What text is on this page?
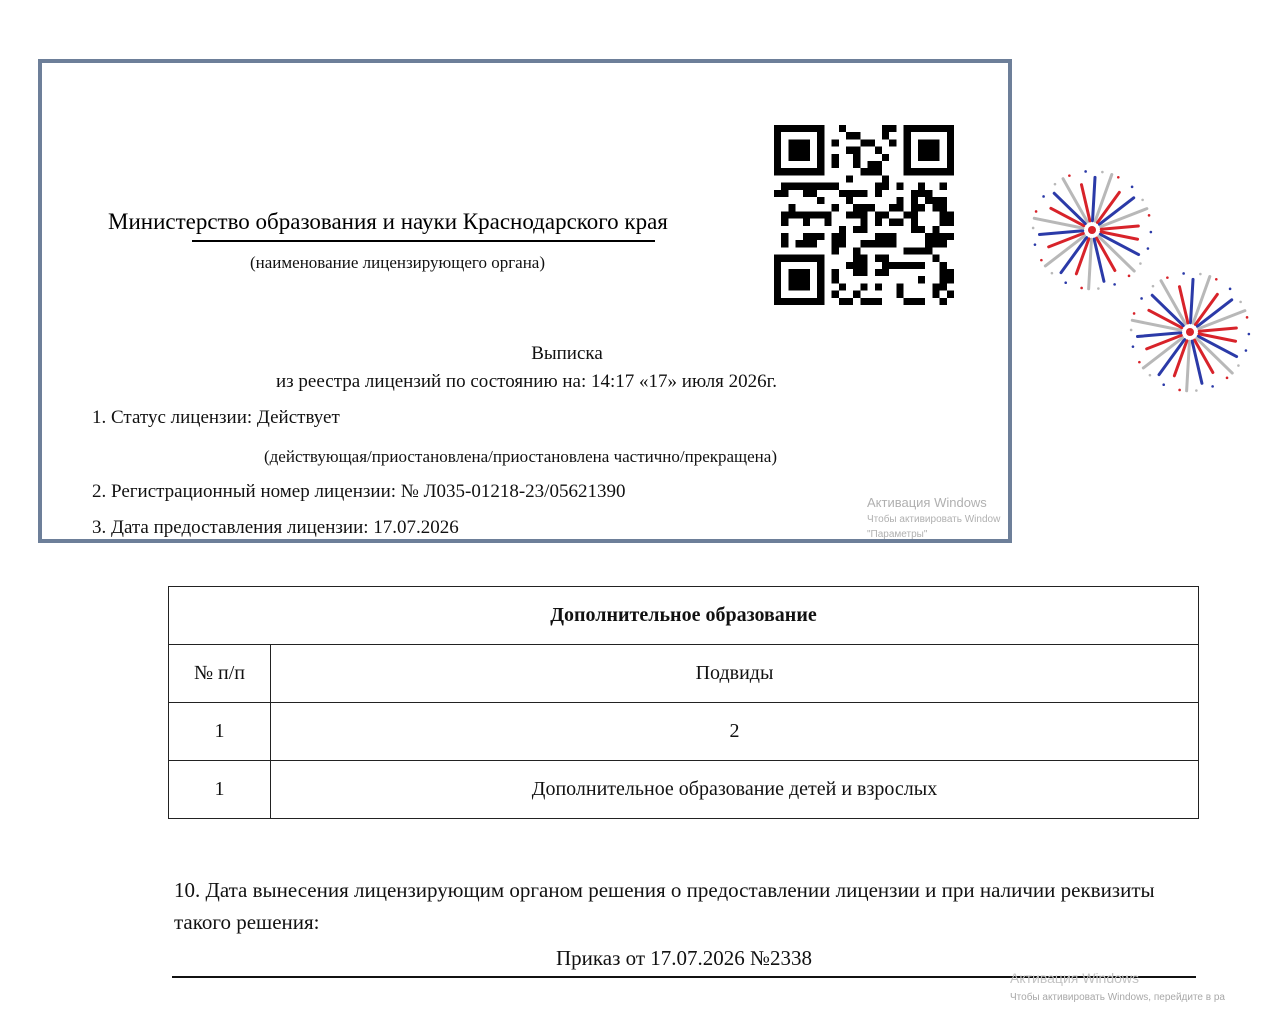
Министерство образования и науки Краснодарского края
(наименование лицензирующего органа)
Выписка
из реестра лицензий по состоянию на: 14:17 «17» июля 2026г.
1. Статус лицензии: Действует
(действующая/приостановлена/приостановлена частично/прекращена)
2. Регистрационный номер лицензии: № Л035-01218-23/05621390
3. Дата предоставления лицензии: 17.07.2026
Активация Windows
Чтобы активировать Window
"Параметры"
Дополнительное образование	
№ п/п	Подвиды
1	2
1	Дополнительное образование детей и взрослых
10. Дата вынесения лицензирующим органом решения о предоставлении лицензии и при наличии реквизиты такого решения:
Приказ от 17.07.2026 №2338
Активация Windows
Чтобы активировать Windows, перейдите в ра
